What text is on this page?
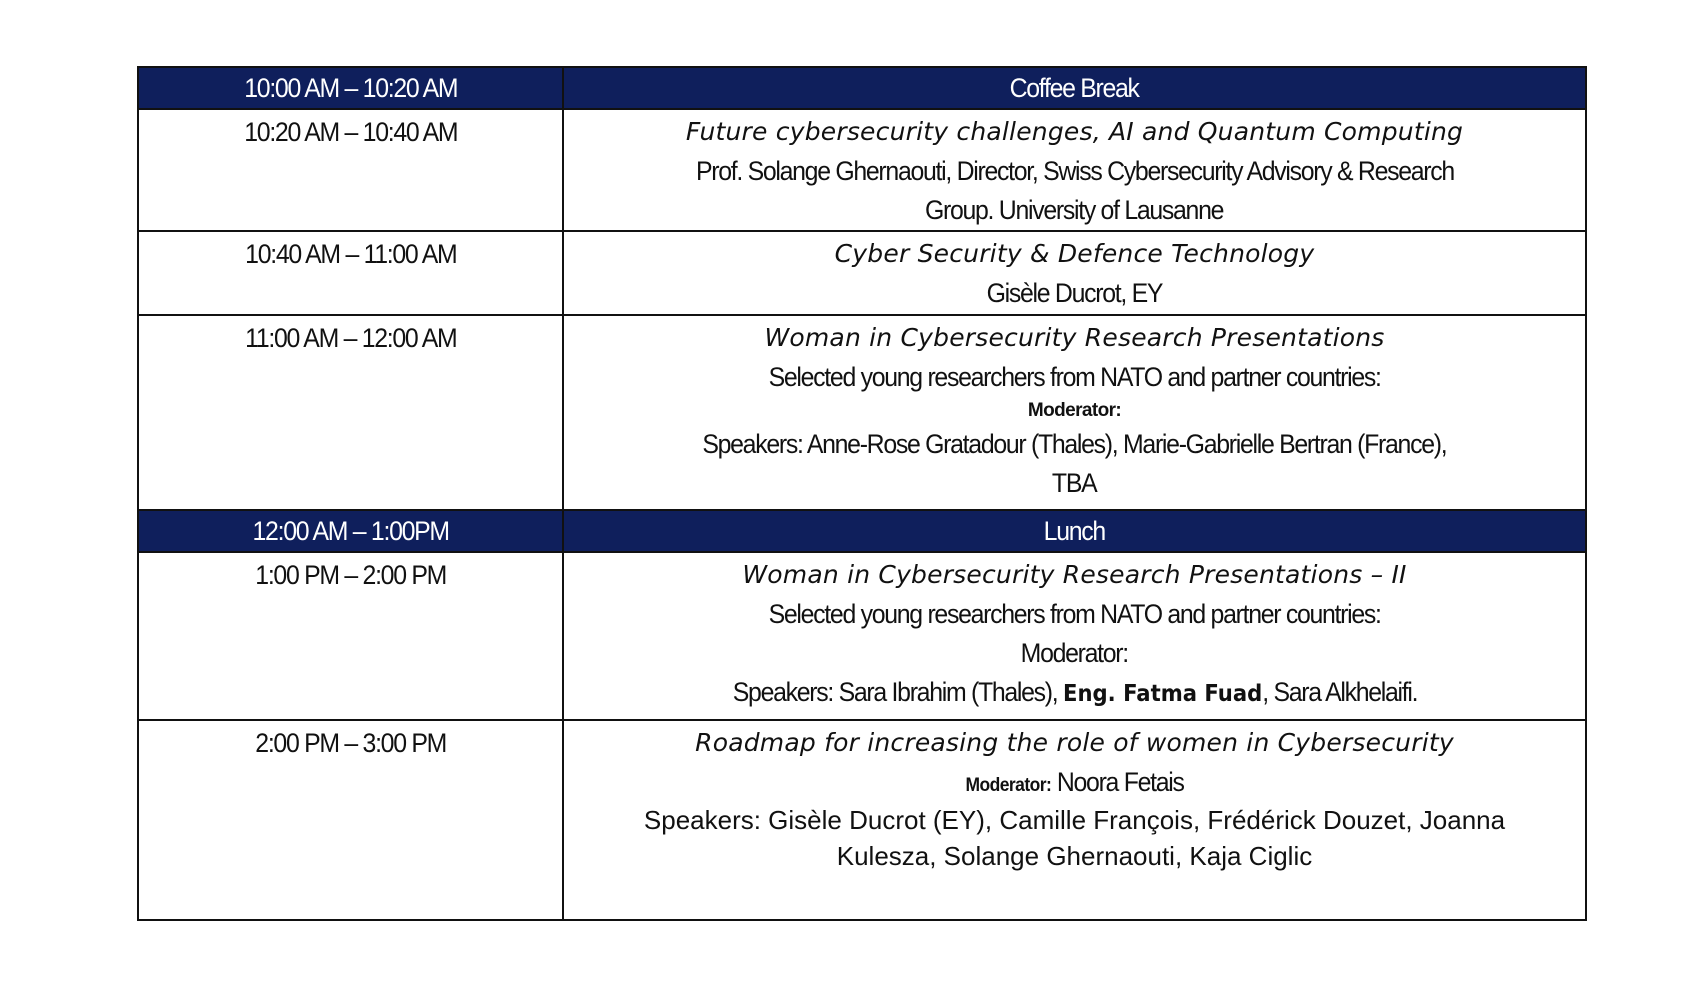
10:00 AM – 10:20 AM	Coffee Break

10:20 AM – 10:40 AM	Future cybersecurity challenges, AI and Quantum Computing
Prof. Solange Ghernaouti, Director, Swiss Cybersecurity Advisory & Research
Group. University of Lausanne

10:40 AM – 11:00 AM	Cyber Security & Defence Technology
Gisèle Ducrot, EY

11:00 AM – 12:00 AM	Woman in Cybersecurity Research Presentations
Selected young researchers from NATO and partner countries:
Moderator:
Speakers: Anne-Rose Gratadour (Thales), Marie-Gabrielle Bertran (France),
TBA

12:00 AM – 1:00PM	Lunch

1:00 PM – 2:00 PM	Woman in Cybersecurity Research Presentations – II
Selected young researchers from NATO and partner countries:
Moderator:
Speakers: Sara Ibrahim (Thales), Eng. Fatma Fuad, Sara Alkhelaifi.

2:00 PM – 3:00 PM	Roadmap for increasing the role of women in Cybersecurity
Moderator: Noora Fetais
Speakers: Gisèle Ducrot (EY), Camille François, Frédérick Douzet, Joanna
Kulesza, Solange Ghernaouti, Kaja Ciglic
